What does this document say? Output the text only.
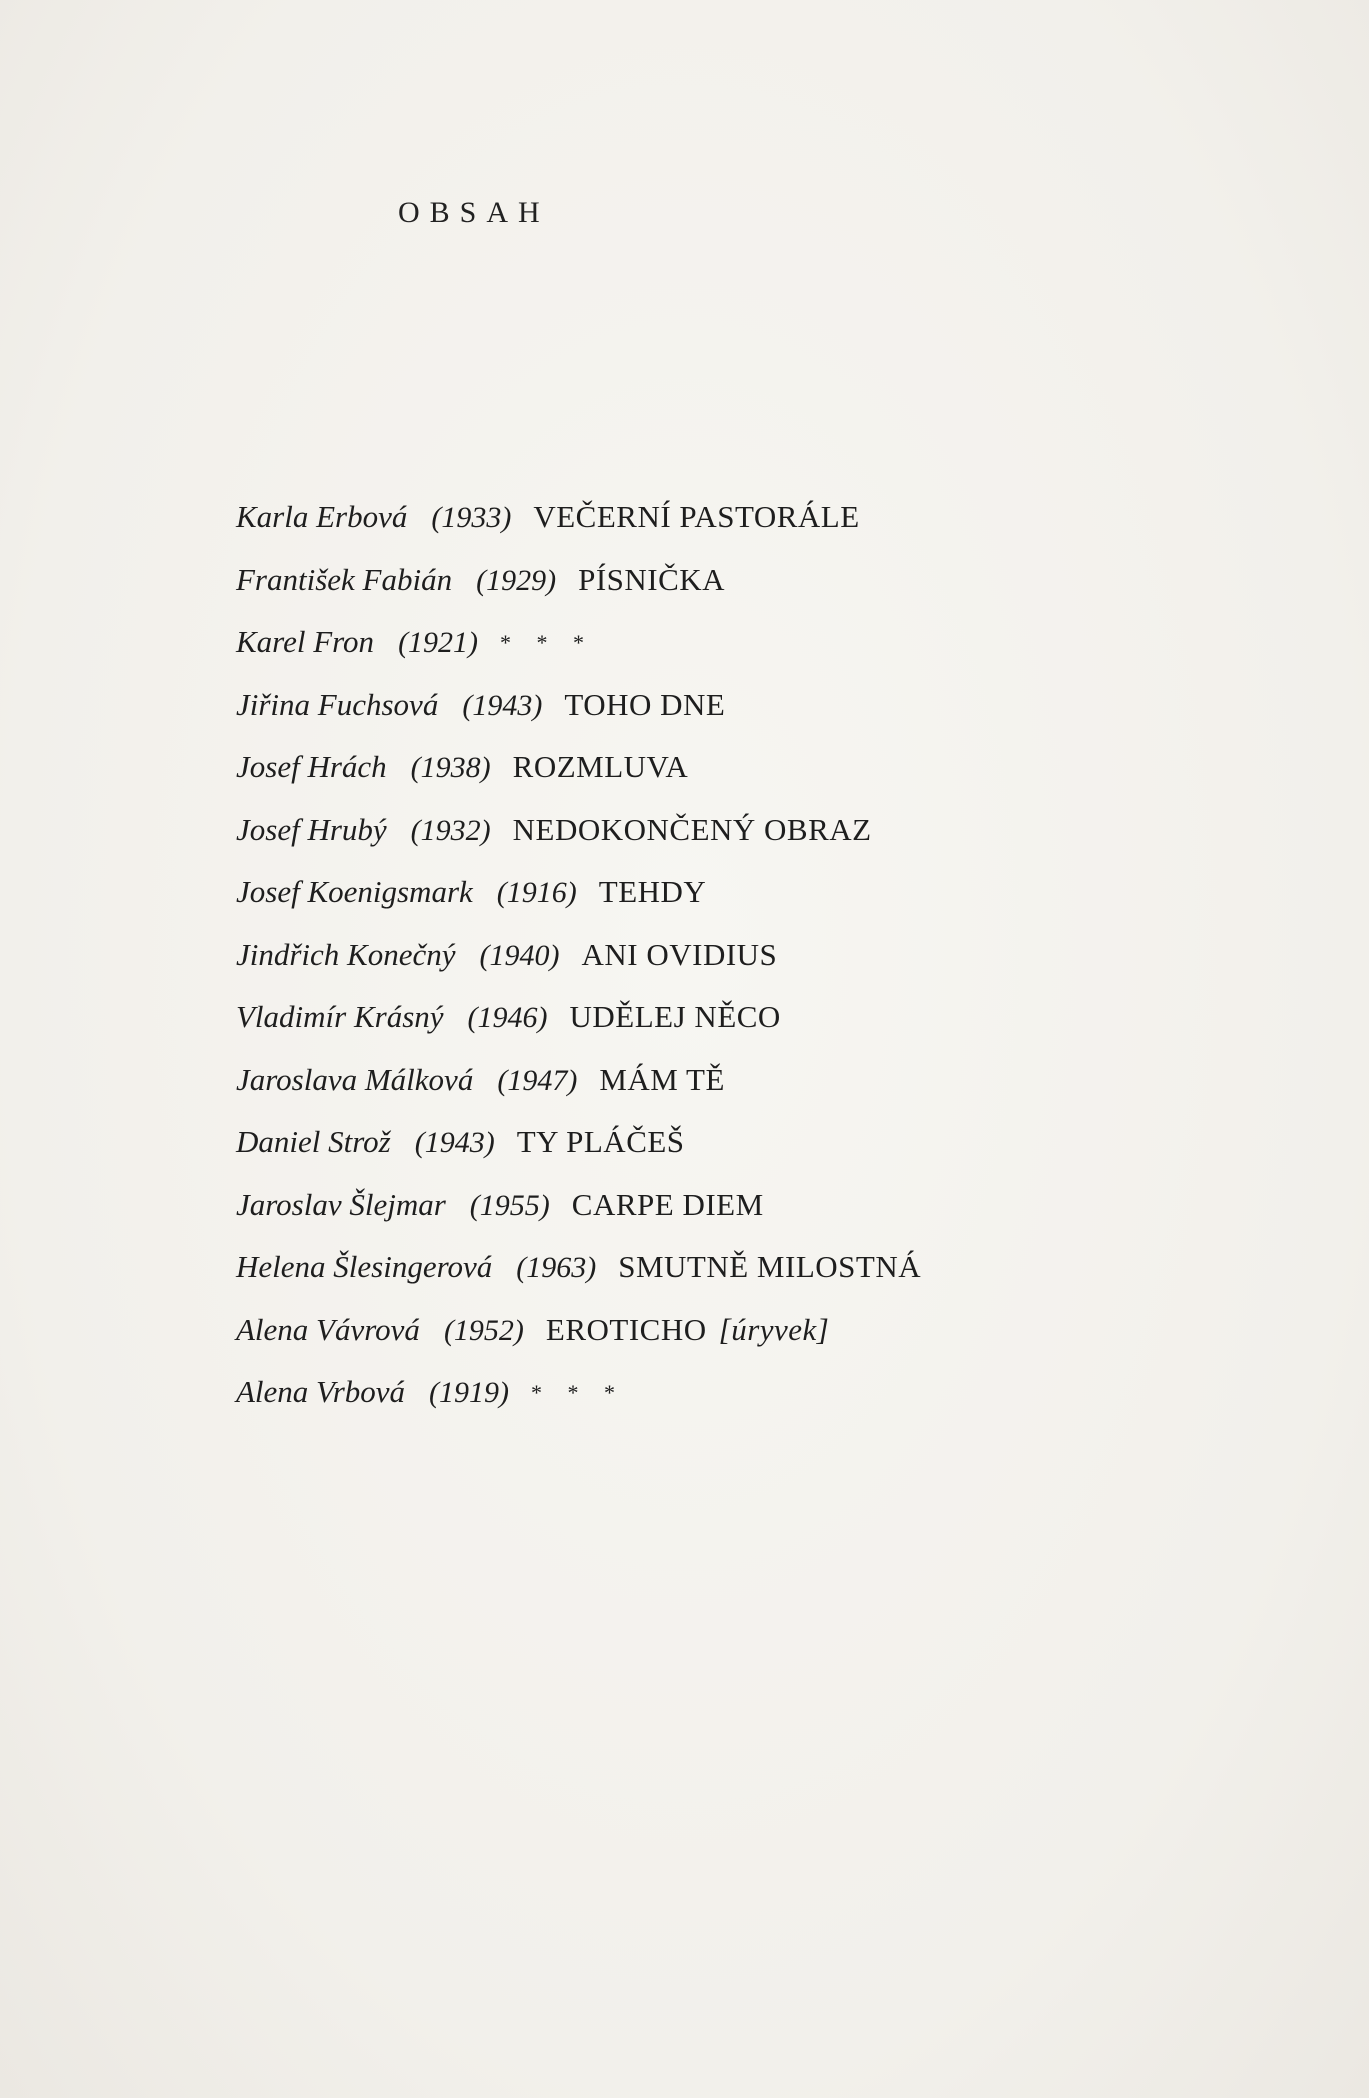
OBSAH
Karla Erbová (1933) VEČERNÍ PASTORÁLE
František Fabián (1929) PÍSNIČKA
Karel Fron (1921) * * *
Jiřina Fuchsová (1943) TOHO DNE
Josef Hrách (1938) ROZMLUVA
Josef Hrubý (1932) NEDOKONČENÝ OBRAZ
Josef Koenigsmark (1916) TEHDY
Jindřich Konečný (1940) ANI OVIDIUS
Vladimír Krásný (1946) UDĚLEJ NĚCO
Jaroslava Málková (1947) MÁM TĚ
Daniel Strož (1943) TY PLÁČEŠ
Jaroslav Šlejmar (1955) CARPE DIEM
Helena Šlesingerová (1963) SMUTNĚ MILOSTNÁ
Alena Vávrová (1952) EROTICHO [úryvek]
Alena Vrbová (1919) * * *
